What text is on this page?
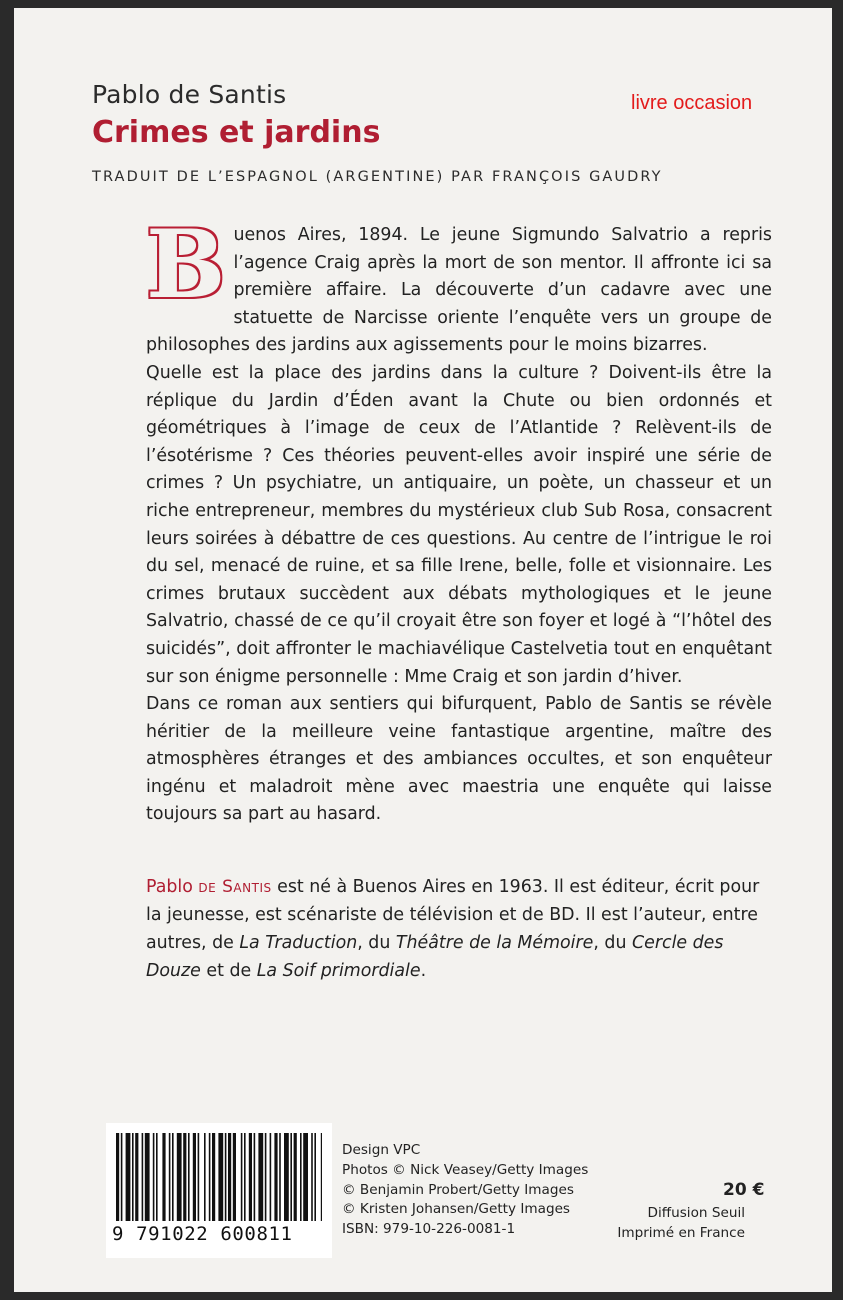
Pablo de Santis
Crimes et jardins
livre occasion
TRADUIT DE L’ESPAGNOL (ARGENTINE) PAR FRANÇOIS GAUDRY

Buenos Aires, 1894. Le jeune Sigmundo Salvatrio a repris l’agence Craig après la mort de son mentor. Il affronte ici sa première affaire. La découverte d’un cadavre avec une statuette de Narcisse oriente l’enquête vers un groupe de philosophes des jardins aux agissements pour le moins bizarres.

Quelle est la place des jardins dans la culture ? Doivent-ils être la réplique du Jardin d’Éden avant la Chute ou bien ordonnés et géométriques à l’image de ceux de l’Atlantide ? Relèvent-ils de l’ésotérisme ? Ces théories peuvent-elles avoir inspiré une série de crimes ? Un psychiatre, un antiquaire, un poète, un chasseur et un riche entrepreneur, membres du mystérieux club Sub Rosa, consacrent leurs soirées à débattre de ces questions. Au centre de l’intrigue le roi du sel, menacé de ruine, et sa fille Irene, belle, folle et visionnaire. Les crimes brutaux succèdent aux débats mythologiques et le jeune Salvatrio, chassé de ce qu’il croyait être son foyer et logé à “l’hôtel des suicidés”, doit affronter le machiavélique Castelvetia tout en enquêtant sur son énigme personnelle : Mme Craig et son jardin d’hiver.

Dans ce roman aux sentiers qui bifurquent, Pablo de Santis se révèle héritier de la meilleure veine fantastique argentine, maître des atmosphères étranges et des ambiances occultes, et son enquêteur ingénu et maladroit mène avec maestria une enquête qui laisse toujours sa part au hasard.

Pablo de Santis est né à Buenos Aires en 1963. Il est éditeur, écrit pour la jeunesse, est scénariste de télévision et de BD. Il est l’auteur, entre autres, de La Traduction, du Théâtre de la Mémoire, du Cercle des Douze et de La Soif primordiale.
9 791022 600811
Design VPC
Photos © Nick Veasey/Getty Images
© Benjamin Probert/Getty Images
© Kristen Johansen/Getty Images
ISBN: 979-10-226-0081-1
20 €
Diffusion Seuil
Imprimé en France
